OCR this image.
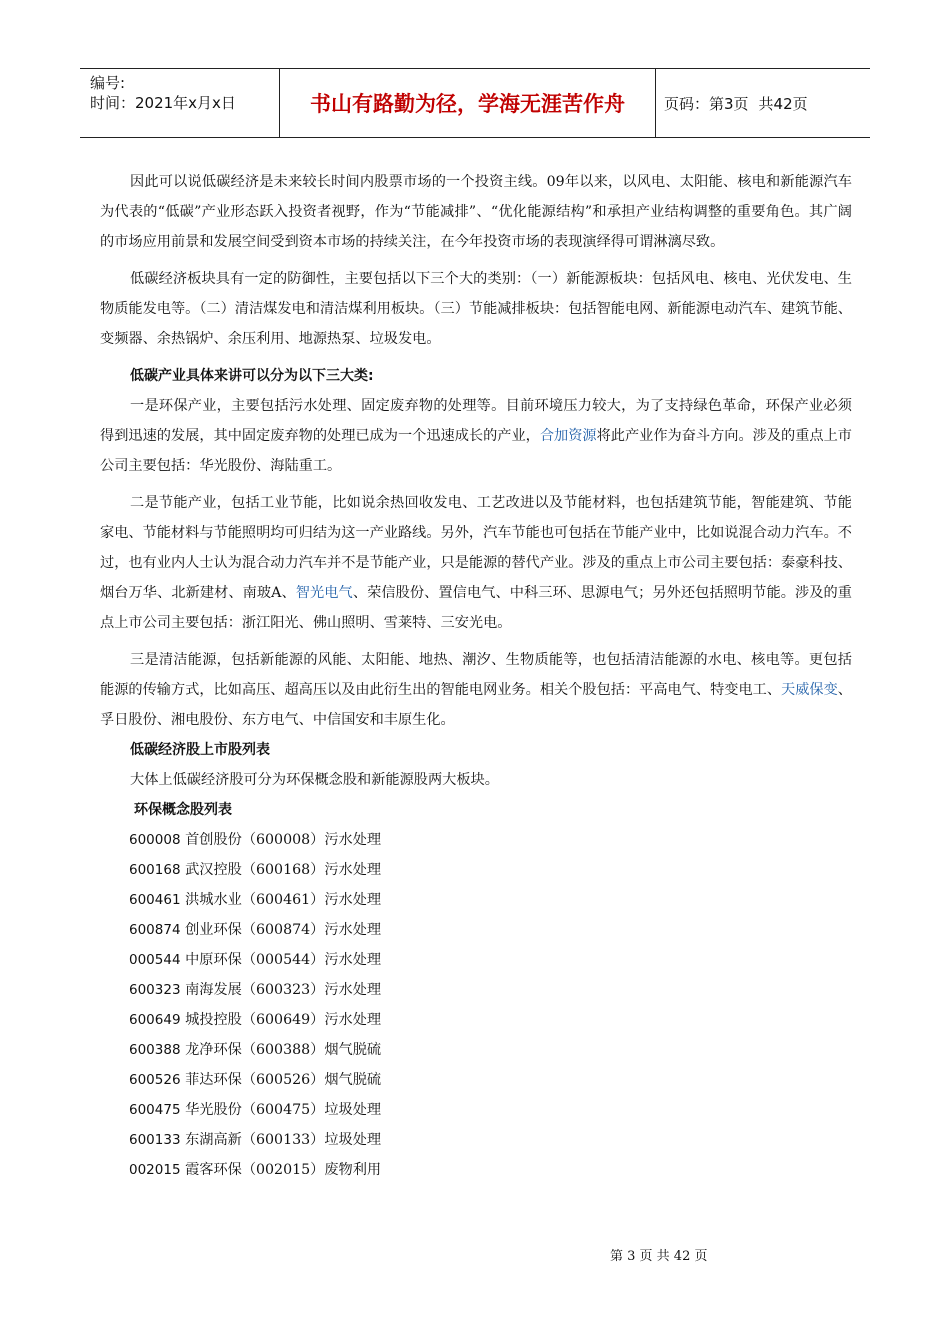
编号:
时间：2021年x月x日	书山有路勤为径，学海无涯苦作舟	页码：第3页 共42页

因此可以说低碳经济是未来较长时间内股票市场的一个投资主线。09年以来，以风电、太阳能、核电和新能源汽车为代表的“低碳”产业形态跃入投资者视野，作为“节能减排”、“优化能源结构”和承担产业结构调整的重要角色。其广阔的市场应用前景和发展空间受到资本市场的持续关注，在今年投资市场的表现演绎得可谓淋漓尽致。

低碳经济板块具有一定的防御性，主要包括以下三个大的类别：（一）新能源板块：包括风电、核电、光伏发电、生物质能发电等。（二）清洁煤发电和清洁煤利用板块。（三）节能减排板块：包括智能电网、新能源电动汽车、建筑节能、变频器、余热锅炉、余压利用、地源热泵、垃圾发电。

低碳产业具体来讲可以分为以下三大类:

一是环保产业，主要包括污水处理、固定废弃物的处理等。目前环境压力较大，为了支持绿色革命，环保产业必须得到迅速的发展，其中固定废弃物的处理已成为一个迅速成长的产业，合加资源将此产业作为奋斗方向。涉及的重点上市公司主要包括：华光股份、海陆重工。

二是节能产业，包括工业节能，比如说余热回收发电、工艺改进以及节能材料，也包括建筑节能，智能建筑、节能家电、节能材料与节能照明均可归结为这一产业路线。另外，汽车节能也可包括在节能产业中，比如说混合动力汽车。不过，也有业内人士认为混合动力汽车并不是节能产业，只是能源的替代产业。涉及的重点上市公司主要包括：泰豪科技、烟台万华、北新建材、南玻A、智光电气、荣信股份、置信电气、中科三环、思源电气；另外还包括照明节能。涉及的重点上市公司主要包括：浙江阳光、佛山照明、雪莱特、三安光电。

三是清洁能源，包括新能源的风能、太阳能、地热、潮汐、生物质能等，也包括清洁能源的水电、核电等。更包括能源的传输方式，比如高压、超高压以及由此衍生出的智能电网业务。相关个股包括：平高电气、特变电工、天威保变、孚日股份、湘电股份、东方电气、中信国安和丰原生化。

低碳经济股上市股列表

大体上低碳经济股可分为环保概念股和新能源股两大板块。

环保概念股列表

600008 首创股份（600008）污水处理
600168 武汉控股（600168）污水处理
600461 洪城水业（600461）污水处理
600874 创业环保（600874）污水处理
000544 中原环保（000544）污水处理
600323 南海发展（600323）污水处理
600649 城投控股（600649）污水处理
600388 龙净环保（600388）烟气脱硫
600526 菲达环保（600526）烟气脱硫
600475 华光股份（600475）垃圾处理
600133 东湖高新（600133）垃圾处理
002015 霞客环保（002015）废物利用
第 3 页 共 42 页
